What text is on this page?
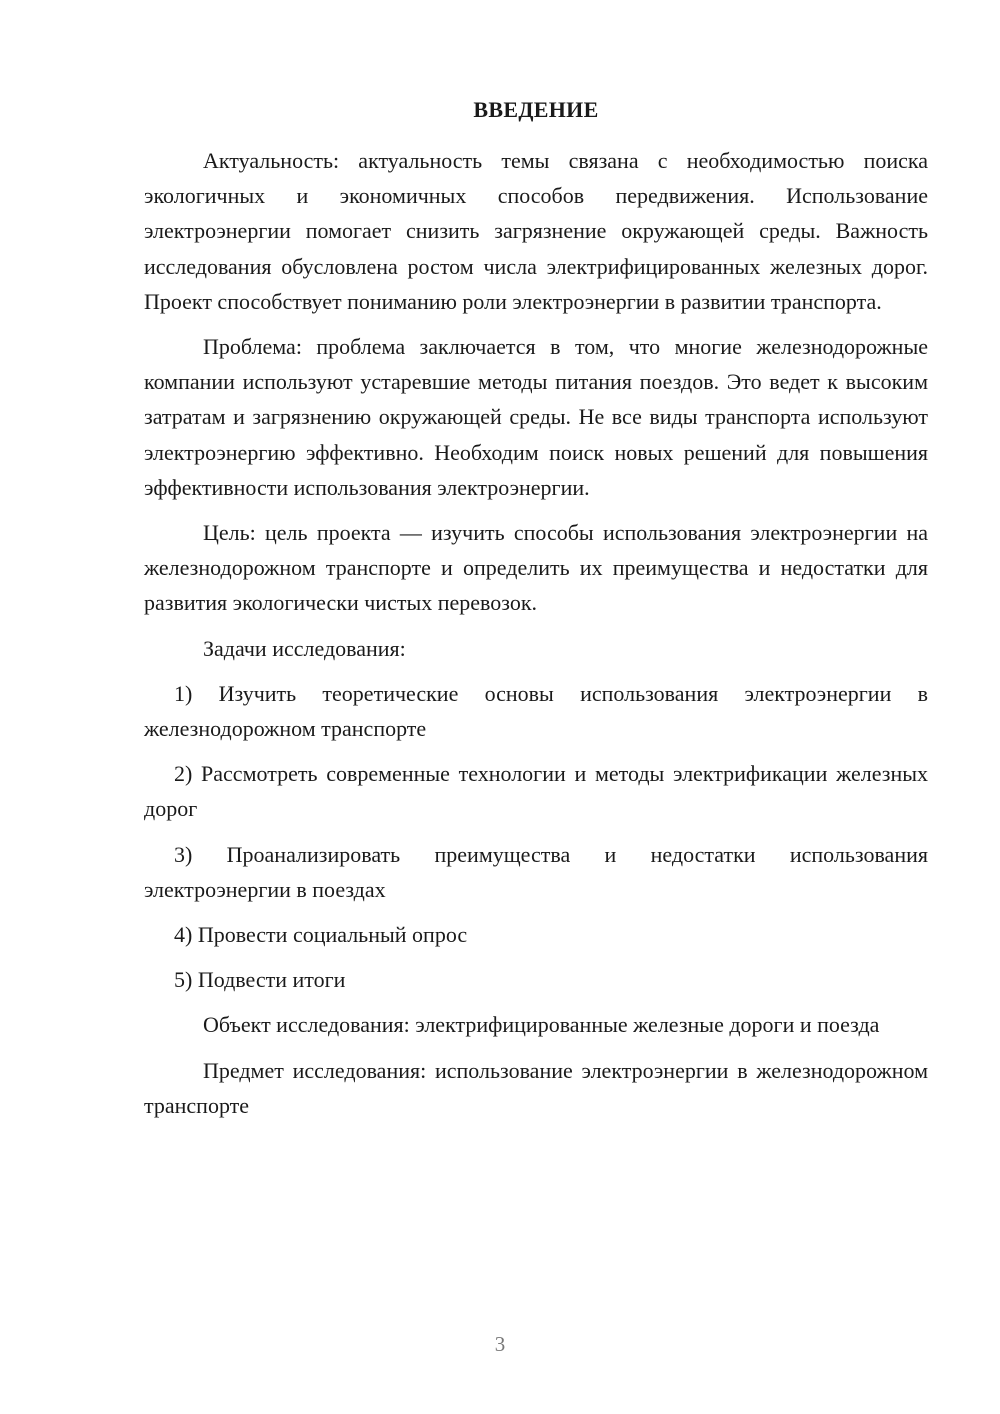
ВВЕДЕНИЕ

Актуальность: актуальность темы связана с необходимостью поиска экологичных и экономичных способов передвижения. Использование электроэнергии помогает снизить загрязнение окружающей среды. Важность исследования обусловлена ростом числа электрифицированных железных дорог. Проект способствует пониманию роли электроэнергии в развитии транспорта.

Проблема: проблема заключается в том, что многие железнодорожные компании используют устаревшие методы питания поездов. Это ведет к высоким затратам и загрязнению окружающей среды. Не все виды транспорта используют электроэнергию эффективно. Необходим поиск новых решений для повышения эффективности использования электроэнергии.

Цель: цель проекта — изучить способы использования электроэнергии на железнодорожном транспорте и определить их преимущества и недостатки для развития экологически чистых перевозок.

Задачи исследования:

1) Изучить теоретические основы использования электроэнергии в железнодорожном транспорте

2) Рассмотреть современные технологии и методы электрификации железных дорог

3) Проанализировать преимущества и недостатки использования электроэнергии в поездах

4) Провести социальный опрос

5) Подвести итоги

Объект исследования: электрифицированные железные дороги и поезда

Предмет исследования: использование электроэнергии в железнодорожном транспорте

3
